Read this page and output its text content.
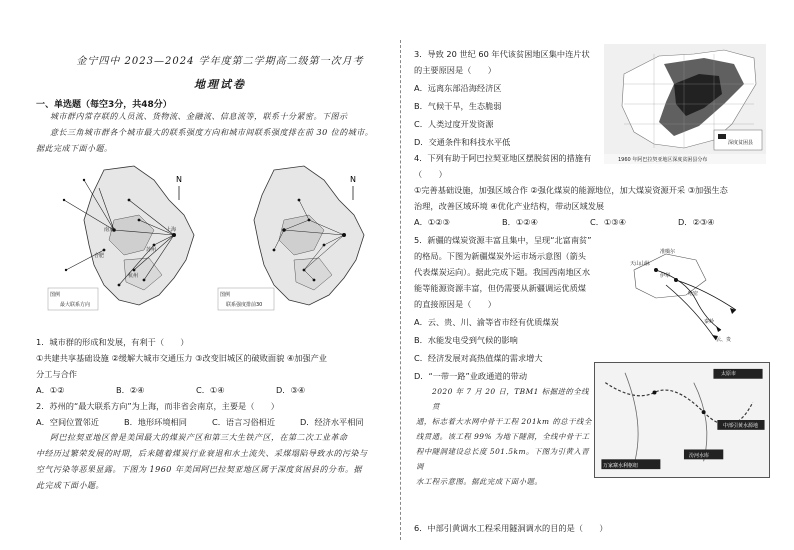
金宁四中 2023—2024 学年度第二学期高二级第一次月考
地理试卷
一、单选题（每空3分，共48分）
城市群内常存联的人员流、货物流、金融流、信息流等，联系十分紧密。下图示
意长三角城市群各个城市最大的联系强度方向和城市间联系强度排在前 30 位的城市。
据此完成下面小题。
N
图例
最大联系方向
南京	上海
合肥
杭州
苏州
N
图例
联系强度排前30
1．城市群的形成和发展，有利于（　　）
①共建共享基础设施 ②缓解大城市交通压力 ③改变旧城区的破败面貌 ④加强产业
分工与合作
A．①②	B．②④	C．①④	D．③④
2．苏州的“最大联系方向”为上海，而非省会南京，主要是（　　）
A．空间位置邻近	B．地形环境相同	C．语言习俗相近	D．经济水平相同
阿巴拉契亚地区曾是美国最大的煤炭产区和第三大生铁产区，在第二次工业革命
中经历过繁荣发展的时期，后来随着煤炭行业衰退和水土流失、采煤塌陷导致水的污染与
空气污染等恶果显露。下图为 1960 年美国阿巴拉契亚地区属于深度贫困县的分布。据
此完成下面小题。
3．导致 20 世纪 60 年代该贫困地区集中连片状
的主要原因是（　　）
A．远离东部沿海经济区
B．气候干旱，生态脆弱
C．人类过度开发资源
D．交通条件和科技水平低	深度贫困县
1960 年阿巴拉契亚地区深度贫困县分布
4．下列有助于阿巴拉契亚地区摆脱贫困的措施有
（　　）
①完善基础设施，加强区域合作 ②强化煤炭的能源地位，加大煤炭资源开采 ③加强生态
治理，改善区域环境 ④优化产业结构，带动区域发展
A．①②③	B．①②④	C．①③④	D．②③④
5．新疆的煤炭资源丰富且集中，呈现“北富南贫”
的格局。下图为新疆煤炭外运市场示意图（箭头
代表煤炭运向）。据此完成下题。我国西南地区水
能等能源资源丰富，但仍需要从新疆调运优质煤
的直接原因是（　　）
A．云、贵、川、渝等省市经有优质煤炭
B．水能发电受到气候的影响
C．经济发展对高热值煤的需求增大
D．“一带一路”业政通道的带动
准噶尔
天山山脉
伊犁
哈密
秦岭
云、贵
2020 年 7 月 20 日，TBM1 标掘进的全线贯
通，标志着大水网中骨干工程 201km 的总干线全
线贯通。该工程 99% 为地下隧洞，全线中骨干工
程中隧洞建设总长度 501.5km。下图为引黄入晋调
水工程示意图。据此完成下面小题。
太原市
万家寨水利枢纽
中部引黄水源地
汾河水库
6．中部引黄调水工程采用隧洞调水的目的是（　　）
